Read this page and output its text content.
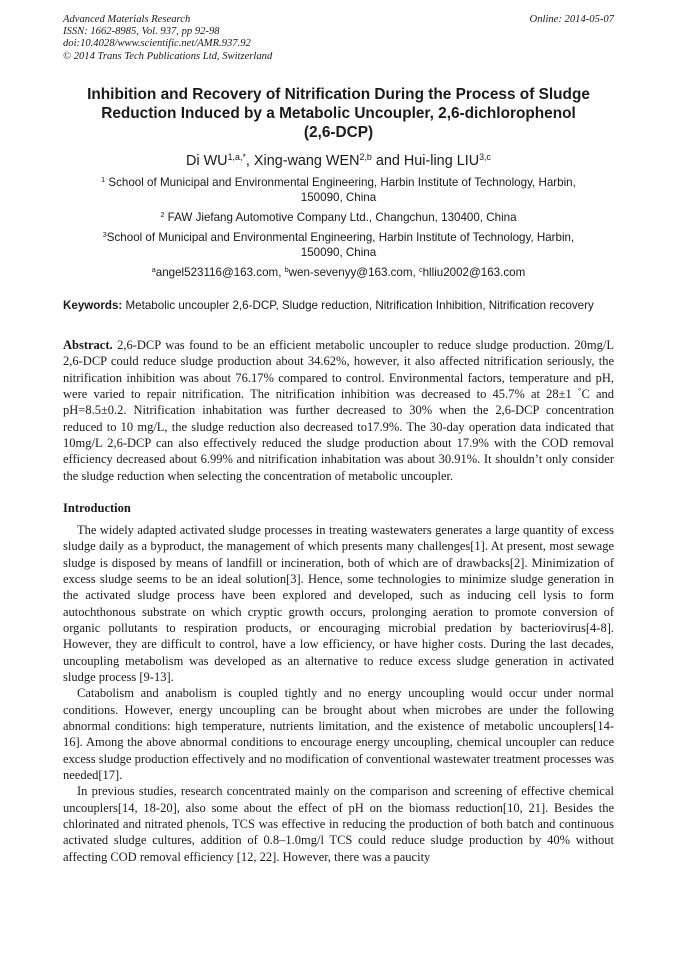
Advanced Materials Research
ISSN: 1662-8985, Vol. 937, pp 92-98
doi:10.4028/www.scientific.net/AMR.937.92
© 2014 Trans Tech Publications Ltd, Switzerland
Online: 2014-05-07
Inhibition and Recovery of Nitrification During the Process of Sludge
Reduction Induced by a Metabolic Uncoupler, 2,6-dichlorophenol
(2,6-DCP)
Di $WU^{1,a,*}$, Xing-wang WEN$^{2,b}$ and Hui-ling LIU$^{3,c}$
$^1$ School of Municipal and Environmental Engineering, Harbin Institute of Technology, Harbin,
150090, China
$^2$ FAW Jiefang Automotive Company Ltd., Changchun, 130400, China
$^3$School of Municipal and Environmental Engineering, Harbin Institute of Technology, Harbin,
150090, China
$^a$angel523116@163.com, $^b$wen-sevenyy@163.com, $^c$hlliu2002@163.com
Keywords: Metabolic uncoupler 2,6-DCP, Sludge reduction, Nitrification Inhibition, Nitrification recovery
Abstract. 2,6-DCP was found to be an efficient metabolic uncoupler to reduce sludge production. 20mg/L 2,6-DCP could reduce sludge production about 34.62%, however, it also affected nitrification seriously, the nitrification inhibition was about 76.17% compared to control. Environmental factors, temperature and pH, were varied to repair nitrification. The nitrification inhibition was decreased to 45.7% at 28±1 °C and pH=8.5±0.2. Nitrification inhabitation was further decreased to 30% when the 2,6-DCP concentration reduced to 10 mg/L, the sludge reduction also decreased to17.9%. The 30-day operation data indicated that 10mg/L 2,6-DCP can also effectively reduced the sludge production about 17.9% with the COD removal efficiency decreased about 6.99% and nitrification inhabitation was about 30.91%. It shouldn’t only consider the sludge reduction when selecting the concentration of metabolic uncoupler.
Introduction

The widely adapted activated sludge processes in treating wastewaters generates a large quantity of excess sludge daily as a byproduct, the management of which presents many challenges[1]. At present, most sewage sludge is disposed by means of landfill or incineration, both of which are of drawbacks[2]. Minimization of excess sludge seems to be an ideal solution[3]. Hence, some technologies to minimize sludge generation in the activated sludge process have been explored and developed, such as inducing cell lysis to form autochthonous substrate on which cryptic growth occurs, prolonging aeration to promote conversion of organic pollutants to respiration products, or encouraging microbial predation by bacteriovirus[4-8]. However, they are difficult to control, have a low efficiency, or have higher costs. During the last decades, uncoupling metabolism was developed as an alternative to reduce excess sludge generation in activated sludge process [9-13].

Catabolism and anabolism is coupled tightly and no energy uncoupling would occur under normal conditions. However, energy uncoupling can be brought about when microbes are under the following abnormal conditions: high temperature, nutrients limitation, and the existence of metabolic uncouplers[14-16]. Among the above abnormal conditions to encourage energy uncoupling, chemical uncoupler can reduce excess sludge production effectively and no modification of conventional wastewater treatment processes was needed[17].

In previous studies, research concentrated mainly on the comparison and screening of effective chemical uncouplers[14, 18-20], also some about the effect of pH on the biomass reduction[10, 21]. Besides the chlorinated and nitrated phenols, TCS was effective in reducing the production of both batch and continuous activated sludge cultures, addition of 0.8–1.0mg/l TCS could reduce sludge production by 40% without affecting COD removal efficiency [12, 22]. However, there was a paucity
